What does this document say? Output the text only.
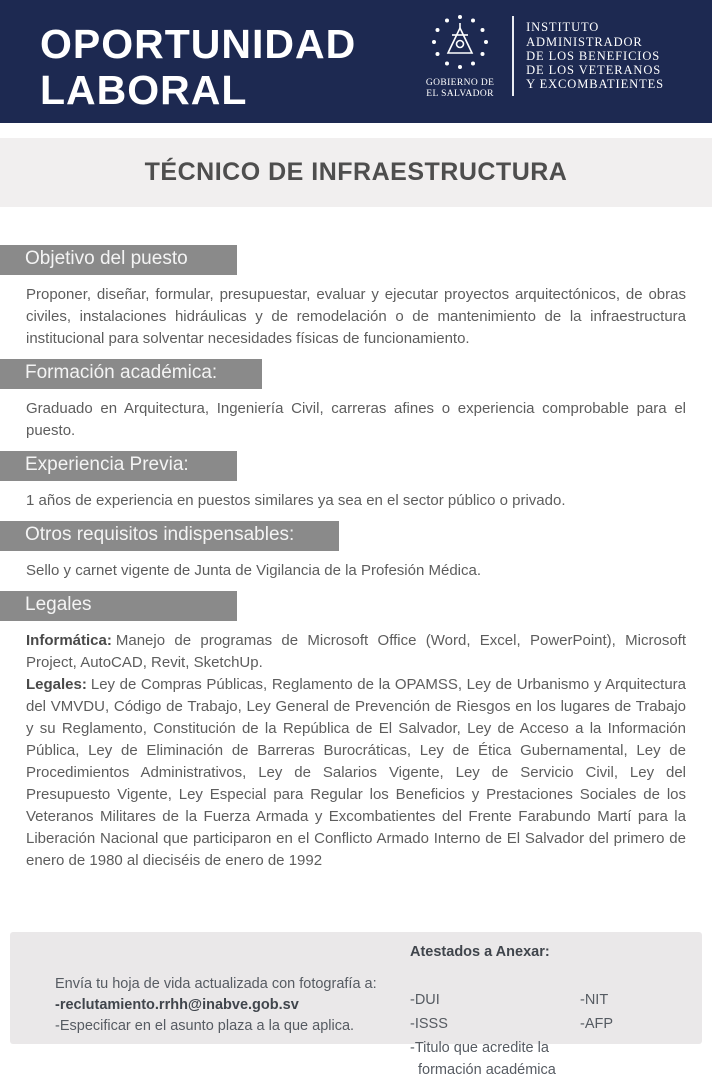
OPORTUNIDAD
LABORAL	GOBIERNO DE
EL SALVADOR
INSTITUTO
ADMINISTRADOR
DE LOS BENEFICIOS
DE LOS VETERANOS
Y EXCOMBATIENTES
TÉCNICO DE INFRAESTRUCTURA
Objetivo del puesto

Proponer, diseñar, formular, presupuestar, evaluar y ejecutar proyectos arquitectónicos, de obras civiles, instalaciones hidráulicas y de remodelación o de mantenimiento de la infraestructura institucional para solventar necesidades físicas de funcionamiento.

Formación académica:

Graduado en Arquitectura, Ingeniería Civil, carreras afines o experiencia comprobable para el puesto.

Experiencia Previa:

1 años de experiencia en puestos similares ya sea en el sector público o privado.

Otros requisitos indispensables:

Sello y carnet vigente de Junta de Vigilancia de la Profesión Médica.

Legales

Informática: Manejo de programas de Microsoft Office (Word, Excel, PowerPoint), Microsoft Project, AutoCAD, Revit, SketchUp.

Legales: Ley de Compras Públicas, Reglamento de la OPAMSS, Ley de Urbanismo y Arquitectura del VMVDU, Código de Trabajo, Ley General de Prevención de Riesgos en los lugares de Trabajo y su Reglamento, Constitución de la República de El Salvador, Ley de Acceso a la Información Pública, Ley de Eliminación de Barreras Burocráticas, Ley de Ética Gubernamental, Ley de Procedimientos Administrativos, Ley de Salarios Vigente, Ley de Servicio Civil, Ley del Presupuesto Vigente, Ley Especial para Regular los Beneficios y Prestaciones Sociales de los Veteranos Militares de la Fuerza Armada y Excombatientes del Frente Farabundo Martí para la Liberación Nacional que participaron en el Conflicto Armado Interno de El Salvador del primero de enero de 1980 al dieciséis de enero de 1992

Envía tu hoja de vida actualizada con fotografía a:
-reclutamiento.rrhh@inabve.gob.sv
-Especificar en el asunto plaza a la que aplica.
Atestados a Anexar:
-DUI
-ISSS
-Titulo que acredite la
formación académica
-NIT
-AFP
